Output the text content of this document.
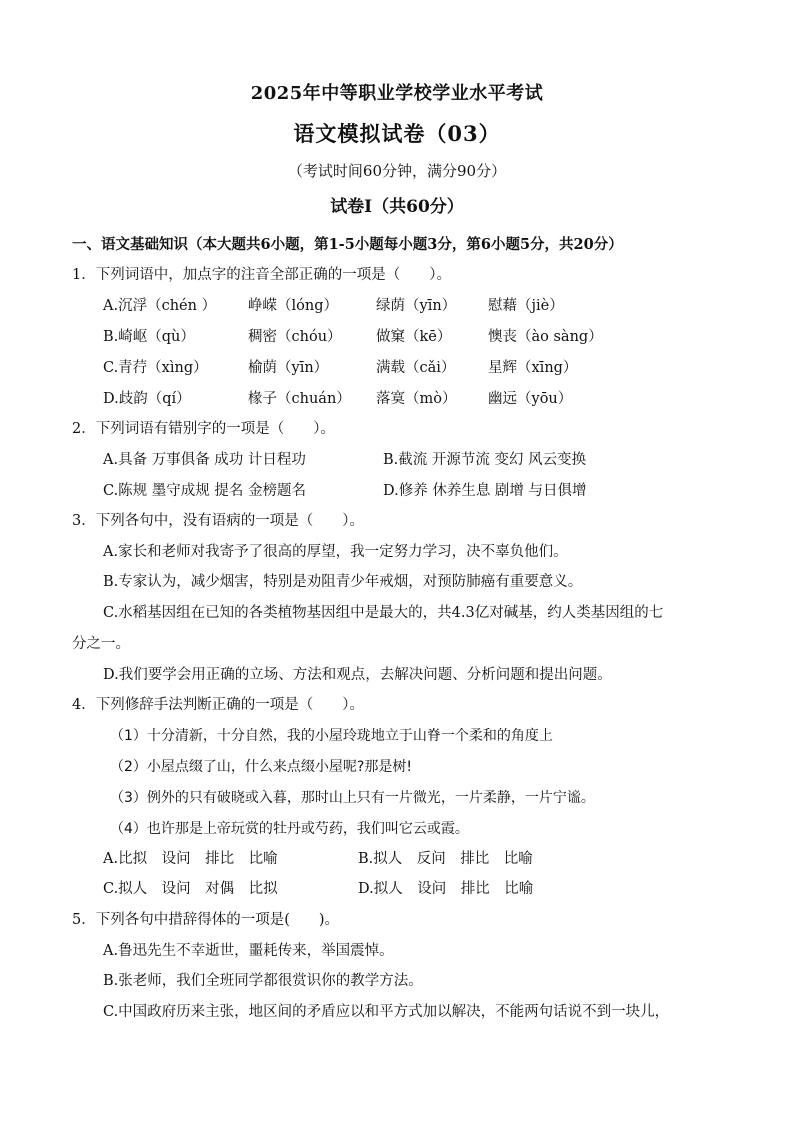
2025年中等职业学校学业水平考试
语文模拟试卷（03）
（考试时间60分钟，满分90分）
试卷Ⅰ（共60分）
一、语文基础知识（本大题共6小题，第1-5小题每小题3分，第6小题5分，共20分）
1．下列词语中，加点字的注音全部正确的一项是（　　）。
A.沉浮（chén ） 峥嵘（lóng）	绿荫（yīn） 慰藉（jiè）
B.崎岖（qù）	稠密（chóu） 做窠（kē）	懊丧（ào sàng）
C.青荇（xìng）	榆荫（yīn）	满载（cǎi） 星辉（xīng）
D.歧韵（qí）	椽子（chuán） 落寞（mò） 幽远（yōu）
2．下列词语有错别字的一项是（　　）。
A.具备 万事俱备 成功 计日程功	B.截流 开源节流 变幻 风云变换
C.陈规 墨守成规 提名 金榜题名	D.修养 休养生息 剧增 与日俱增
3．下列各句中，没有语病的一项是（　　）。
A.家长和老师对我寄予了很高的厚望，我一定努力学习，决不辜负他们。
B.专家认为，减少烟害，特别是劝阻青少年戒烟，对预防肺癌有重要意义。
C.水稻基因组在已知的各类植物基因组中是最大的，共4.3亿对碱基，约人类基因组的七
分之一。
D.我们要学会用正确的立场、方法和观点，去解决问题、分析问题和提出问题。
4．下列修辞手法判断正确的一项是（　　）。
（1）十分清新，十分自然，我的小屋玲珑地立于山脊一个柔和的角度上
（2）小屋点缀了山，什么来点缀小屋呢?那是树!
（3）例外的只有破晓或入暮，那时山上只有一片微光，一片柔静，一片宁谧。
（4）也许那是上帝玩赏的牡丹或芍药，我们叫它云或霞。
A.比拟　设问　排比　比喻	B.拟人　反问　排比　比喻
C.拟人　设问　对偶　比拟	D.拟人　设问　排比　比喻
5．下列各句中措辞得体的一项是(　　)。
A.鲁迅先生不幸逝世，噩耗传来，举国震悼。
B.张老师，我们全班同学都很赏识你的教学方法。
C.中国政府历来主张，地区间的矛盾应以和平方式加以解决，不能两句话说不到一块儿，
